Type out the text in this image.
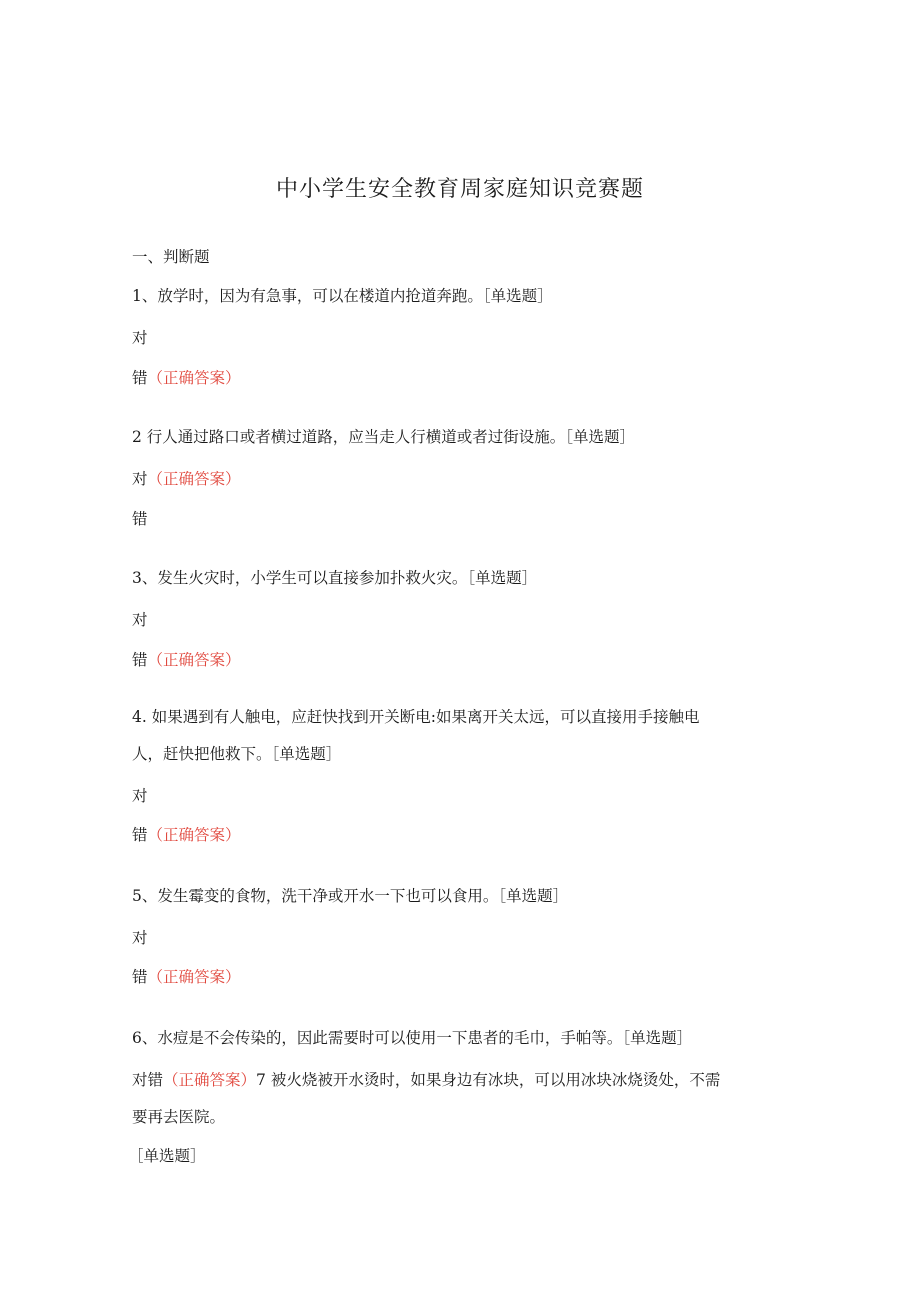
中小学生安全教育周家庭知识竞赛题
一、判断题
1、放学时，因为有急事，可以在楼道内抢道奔跑。［单选题］
对
错（正确答案）
2 行人通过路口或者横过道路，应当走人行横道或者过街设施。［单选题］
对（正确答案）
错
3、发生火灾时，小学生可以直接参加扑救火灾。［单选题］
对
错（正确答案）
4. 如果遇到有人触电，应赶快找到开关断电:如果离开关太远，可以直接用手接触电
人，赶快把他救下。［单选题］
对
错（正确答案）
5、发生霉变的食物，洗干净或开水一下也可以食用。［单选题］
对
错（正确答案）
6、水痘是不会传染的，因此需要时可以使用一下患者的毛巾，手帕等。［单选题］
对错（正确答案）7 被火烧被开水烫时，如果身边有冰块，可以用冰块冰烧烫处，不需
要再去医院。
［单选题］
